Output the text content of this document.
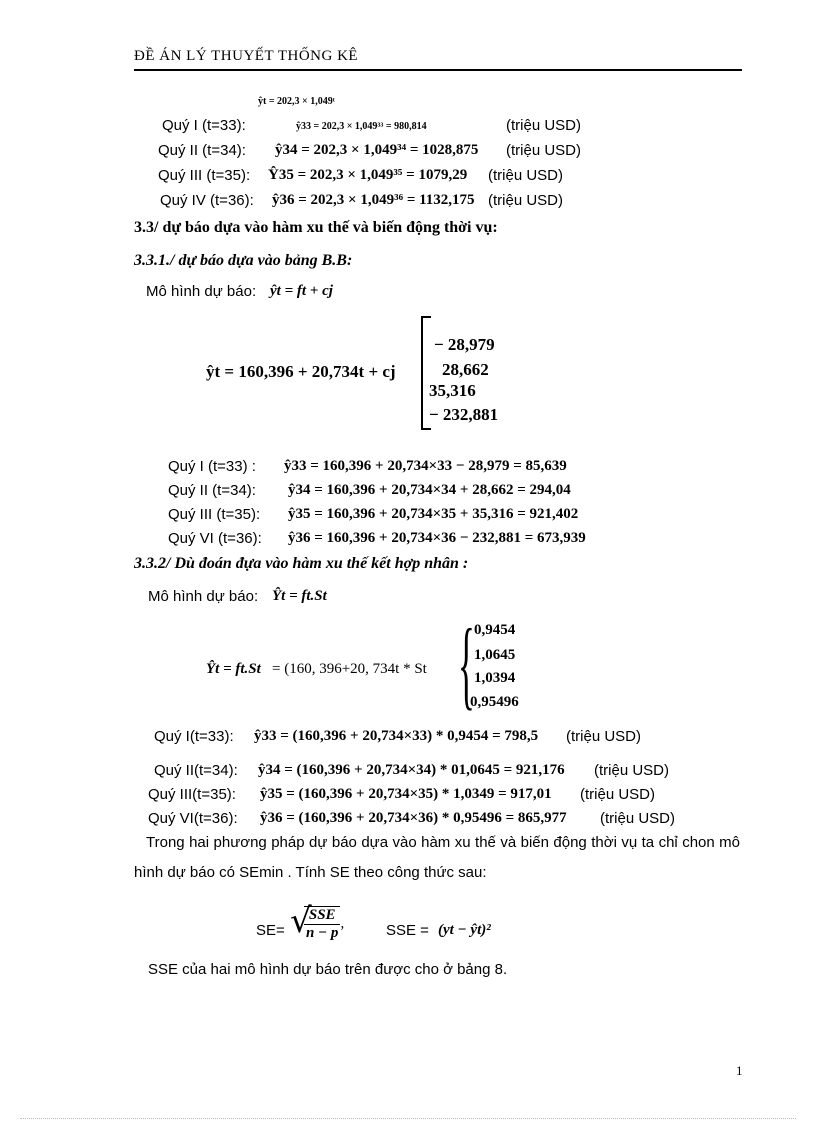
ĐỀ ÁN LÝ THUYẾT THỐNG KÊ
ŷt = 202,3 × 1,049ᵗ
Quý I (t=33):	ŷ33 = 202,3 × 1,049³³ = 980,814	(triệu USD)
Quý II (t=34): ŷ34 = 202,3 × 1,049³⁴ = 1028,875 (triệu USD)
Quý III (t=35): Ŷ35 = 202,3 × 1,049³⁵ = 1079,29 (triệu USD)
Quý IV (t=36): ŷ36 = 202,3 × 1,049³⁶ = 1132,175 (triệu USD)
3.3/ dự báo dựa vào hàm xu thế và biến động thời vụ:
3.3.1./ dự báo dựa vào bảng B.B:
Mô hình dự báo: ŷt = ft + cj
ŷt = 160,396 + 20,734t + cj
− 28,979
28,662
35,316
− 232,881
Quý I (t=33) : ŷ33 = 160,396 + 20,734×33 − 28,979 = 85,639
Quý II (t=34): ŷ34 = 160,396 + 20,734×34 + 28,662 = 294,04
Quý III (t=35): ŷ35 = 160,396 + 20,734×35 + 35,316 = 921,402
Quý VI (t=36): ŷ36 = 160,396 + 20,734×36 − 232,881 = 673,939
3.3.2/ Dù đoán đựa vào hàm xu thế kết hợp nhân :
Mô hình dự báo: Ŷt = ft.St
Ŷt = ft.St = (160, 396+20, 734t * St { 0,9454
1,0645
1,0394
0,95496
Quý I(t=33): ŷ33 = (160,396 + 20,734×33) * 0,9454 = 798,5 (triệu USD)
Quý II(t=34): ŷ34 = (160,396 + 20,734×34) * 01,0645 = 921,176 (triệu USD)
Quý III(t=35): ŷ35 = (160,396 + 20,734×35) * 1,0349 = 917,01 (triệu USD)
Quý VI(t=36): ŷ36 = (160,396 + 20,734×36) * 0,95496 = 865,977 (triệu USD)
Trong hai phương pháp dự báo dựa vào hàm xu thế và biến động thời vụ ta chỉ chon mô hình dự báo có SEmin . Tính SE theo công thức sau:
SE=
√ $\frac{\text{SSE}}{n - p}$ ,	SSE = (yt − ŷt)²
SSE của hai mô hình dự báo trên được cho ở bảng 8.
1
